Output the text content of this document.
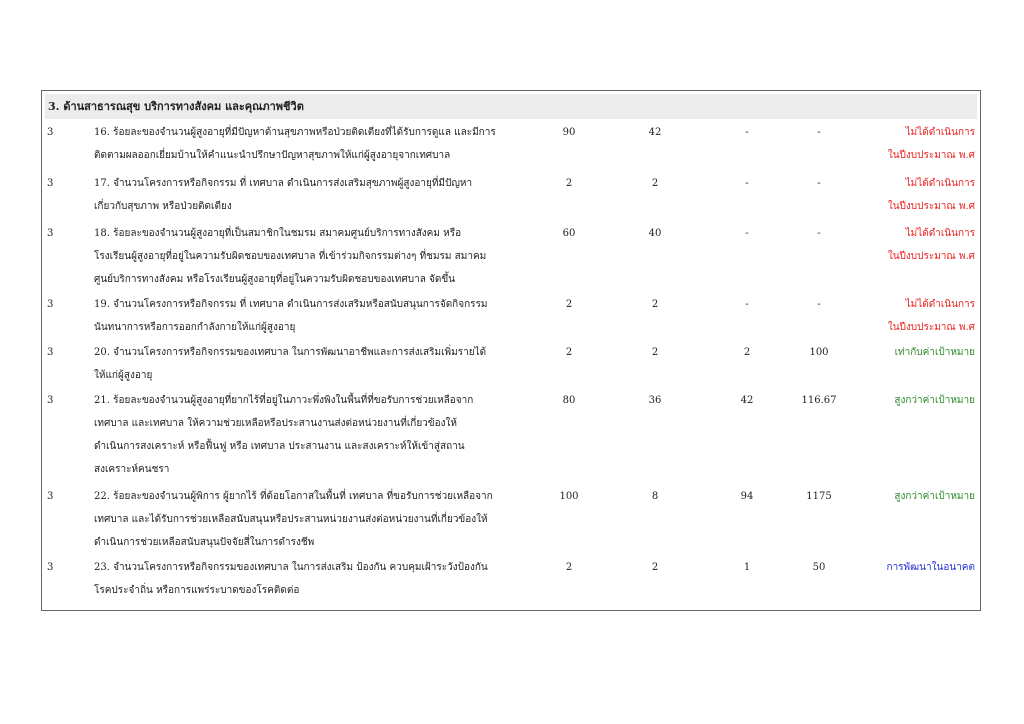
3. ด้านสาธารณสุข บริการทางสังคม และคุณภาพชีวิต
3	16. ร้อยละของจำนวนผู้สูงอายุที่มีปัญหาด้านสุขภาพหรือป่วยติดเตียงที่ได้รับการดูแล และมีการ
ติดตามผลออกเยี่ยมบ้านให้คำแนะนำปรึกษาปัญหาสุขภาพให้แก่ผู้สูงอายุจากเทศบาล
90	42	-	-	ไม่ได้ดำเนินการ
ในปีงบประมาณ พ.ศ
3	17. จำนวนโครงการหรือกิจกรรม ที่ เทศบาล ดำเนินการส่งเสริมสุขภาพผู้สูงอายุที่มีปัญหา
เกี่ยวกับสุขภาพ หรือป่วยติดเตียง
2	2	-	-	ไม่ได้ดำเนินการ
ในปีงบประมาณ พ.ศ
3	18. ร้อยละของจำนวนผู้สูงอายุที่เป็นสมาชิกในชมรม สมาคมศูนย์บริการทางสังคม หรือ
โรงเรียนผู้สูงอายุที่อยู่ในความรับผิดชอบของเทศบาล ที่เข้าร่วมกิจกรรมต่างๆ ที่ชมรม สมาคม
ศูนย์บริการทางสังคม หรือโรงเรียนผู้สูงอายุที่อยู่ในความรับผิดชอบของเทศบาล จัดขึ้น
60	40	-	-	ไม่ได้ดำเนินการ
ในปีงบประมาณ พ.ศ
3	19. จำนวนโครงการหรือกิจกรรม ที่ เทศบาล ดำเนินการส่งเสริมหรือสนับสนุนการจัดกิจกรรม
นันทนาการหรือการออกกำลังกายให้แก่ผู้สูงอายุ
2	2	-	-	ไม่ได้ดำเนินการ
ในปีงบประมาณ พ.ศ
3	20. จำนวนโครงการหรือกิจกรรมของเทศบาล ในการพัฒนาอาชีพและการส่งเสริมเพิ่มรายได้
ให้แก่ผู้สูงอายุ
2	2	2	100	เท่ากับค่าเป้าหมาย
3	21. ร้อยละของจำนวนผู้สูงอายุที่ยากไร้ที่อยู่ในภาวะพึ่งพิงในพื้นที่ที่ขอรับการช่วยเหลือจาก
เทศบาล และเทศบาล ให้ความช่วยเหลือหรือประสานงานส่งต่อหน่วยงานที่เกี่ยวข้องให้
ดำเนินการสงเคราะห์ หรือฟื้นฟู หรือ เทศบาล ประสานงาน และสงเคราะห์ให้เข้าสู่สถาน
สงเคราะห์คนชรา
80	36	42	116.67	สูงกว่าค่าเป้าหมาย
3	22. ร้อยละของจำนวนผู้พิการ ผู้ยากไร้ ที่ด้อยโอกาสในพื้นที่ เทศบาล ที่ขอรับการช่วยเหลือจาก
เทศบาล และได้รับการช่วยเหลือสนับสนุนหรือประสานหน่วยงานส่งต่อหน่วยงานที่เกี่ยวข้องให้
ดำเนินการช่วยเหลือสนับสนุนปัจจัยสี่ในการดำรงชีพ
100	8	94	1175	สูงกว่าค่าเป้าหมาย
3	23. จำนวนโครงการหรือกิจกรรมของเทศบาล ในการส่งเสริม ป้องกัน ควบคุมเฝ้าระวังป้องกัน
โรคประจำถิ่น หรือการแพร่ระบาดของโรคติดต่อ
2	2	1	50	การพัฒนาในอนาคต
